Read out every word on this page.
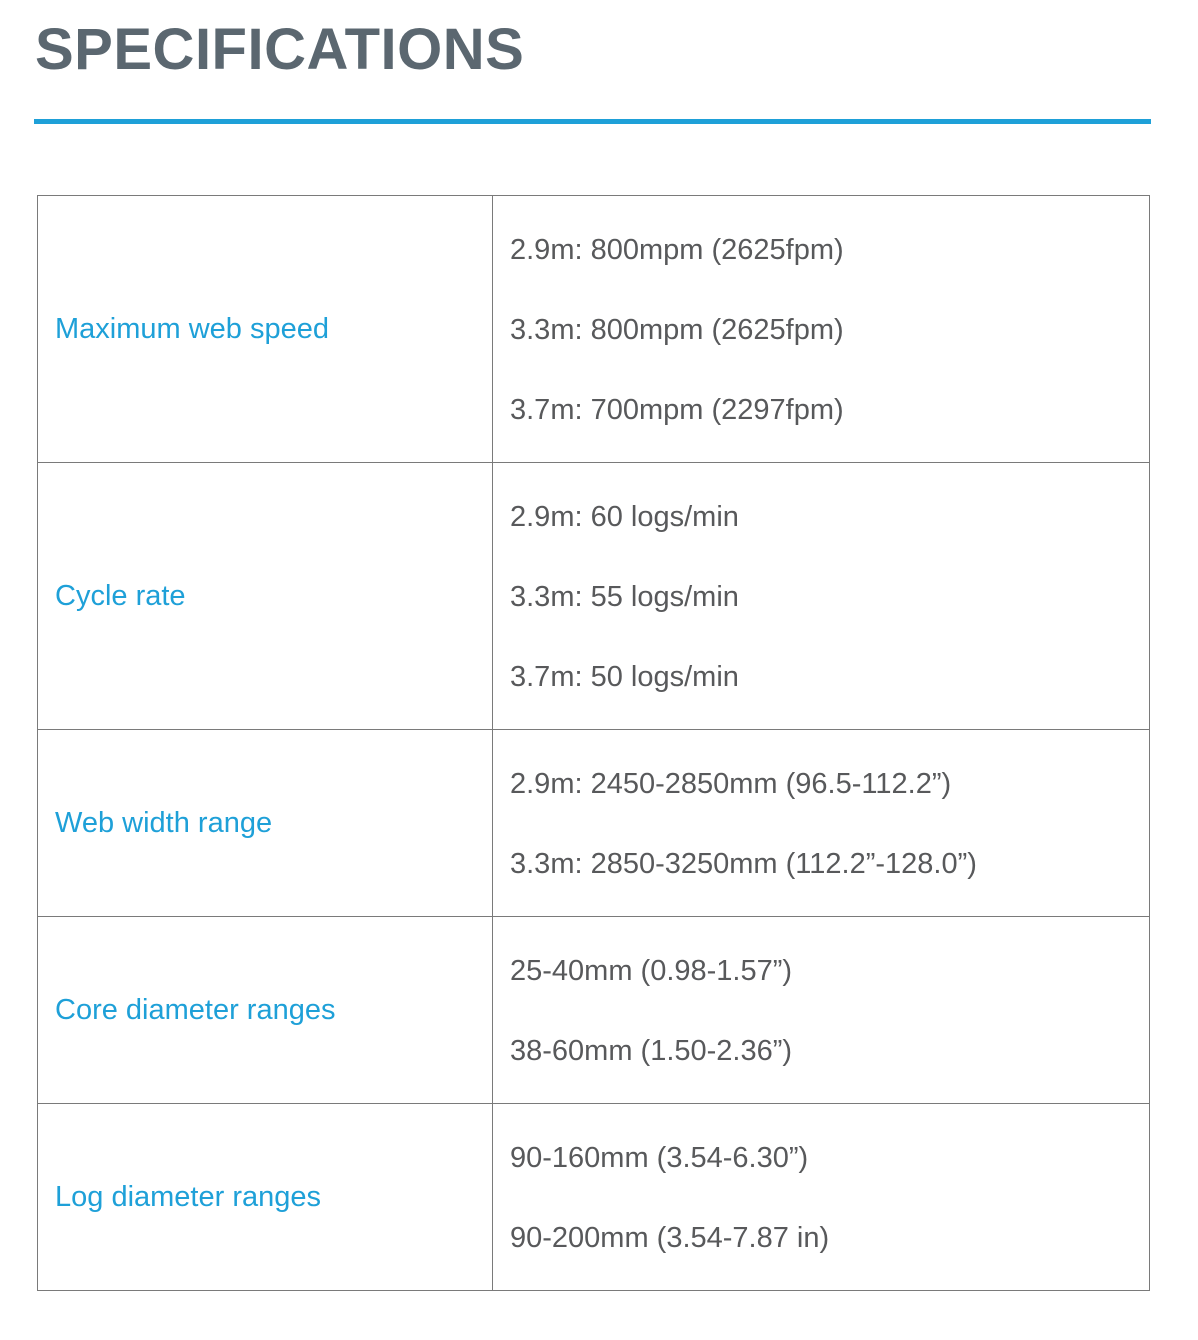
SPECIFICATIONS
Maximum web speed	2.9m: 800mpm (2625fpm)
3.3m: 800mpm (2625fpm)
3.7m: 700mpm (2297fpm)

Cycle rate	2.9m: 60 logs/min
3.3m: 55 logs/min
3.7m: 50 logs/min

Web width range	2.9m: 2450-2850mm (96.5-112.2”)
3.3m: 2850-3250mm (112.2”-128.0”)

Core diameter ranges	25-40mm (0.98-1.57”)
38-60mm (1.50-2.36”)

Log diameter ranges	90-160mm (3.54-6.30”)
90-200mm (3.54-7.87 in)
